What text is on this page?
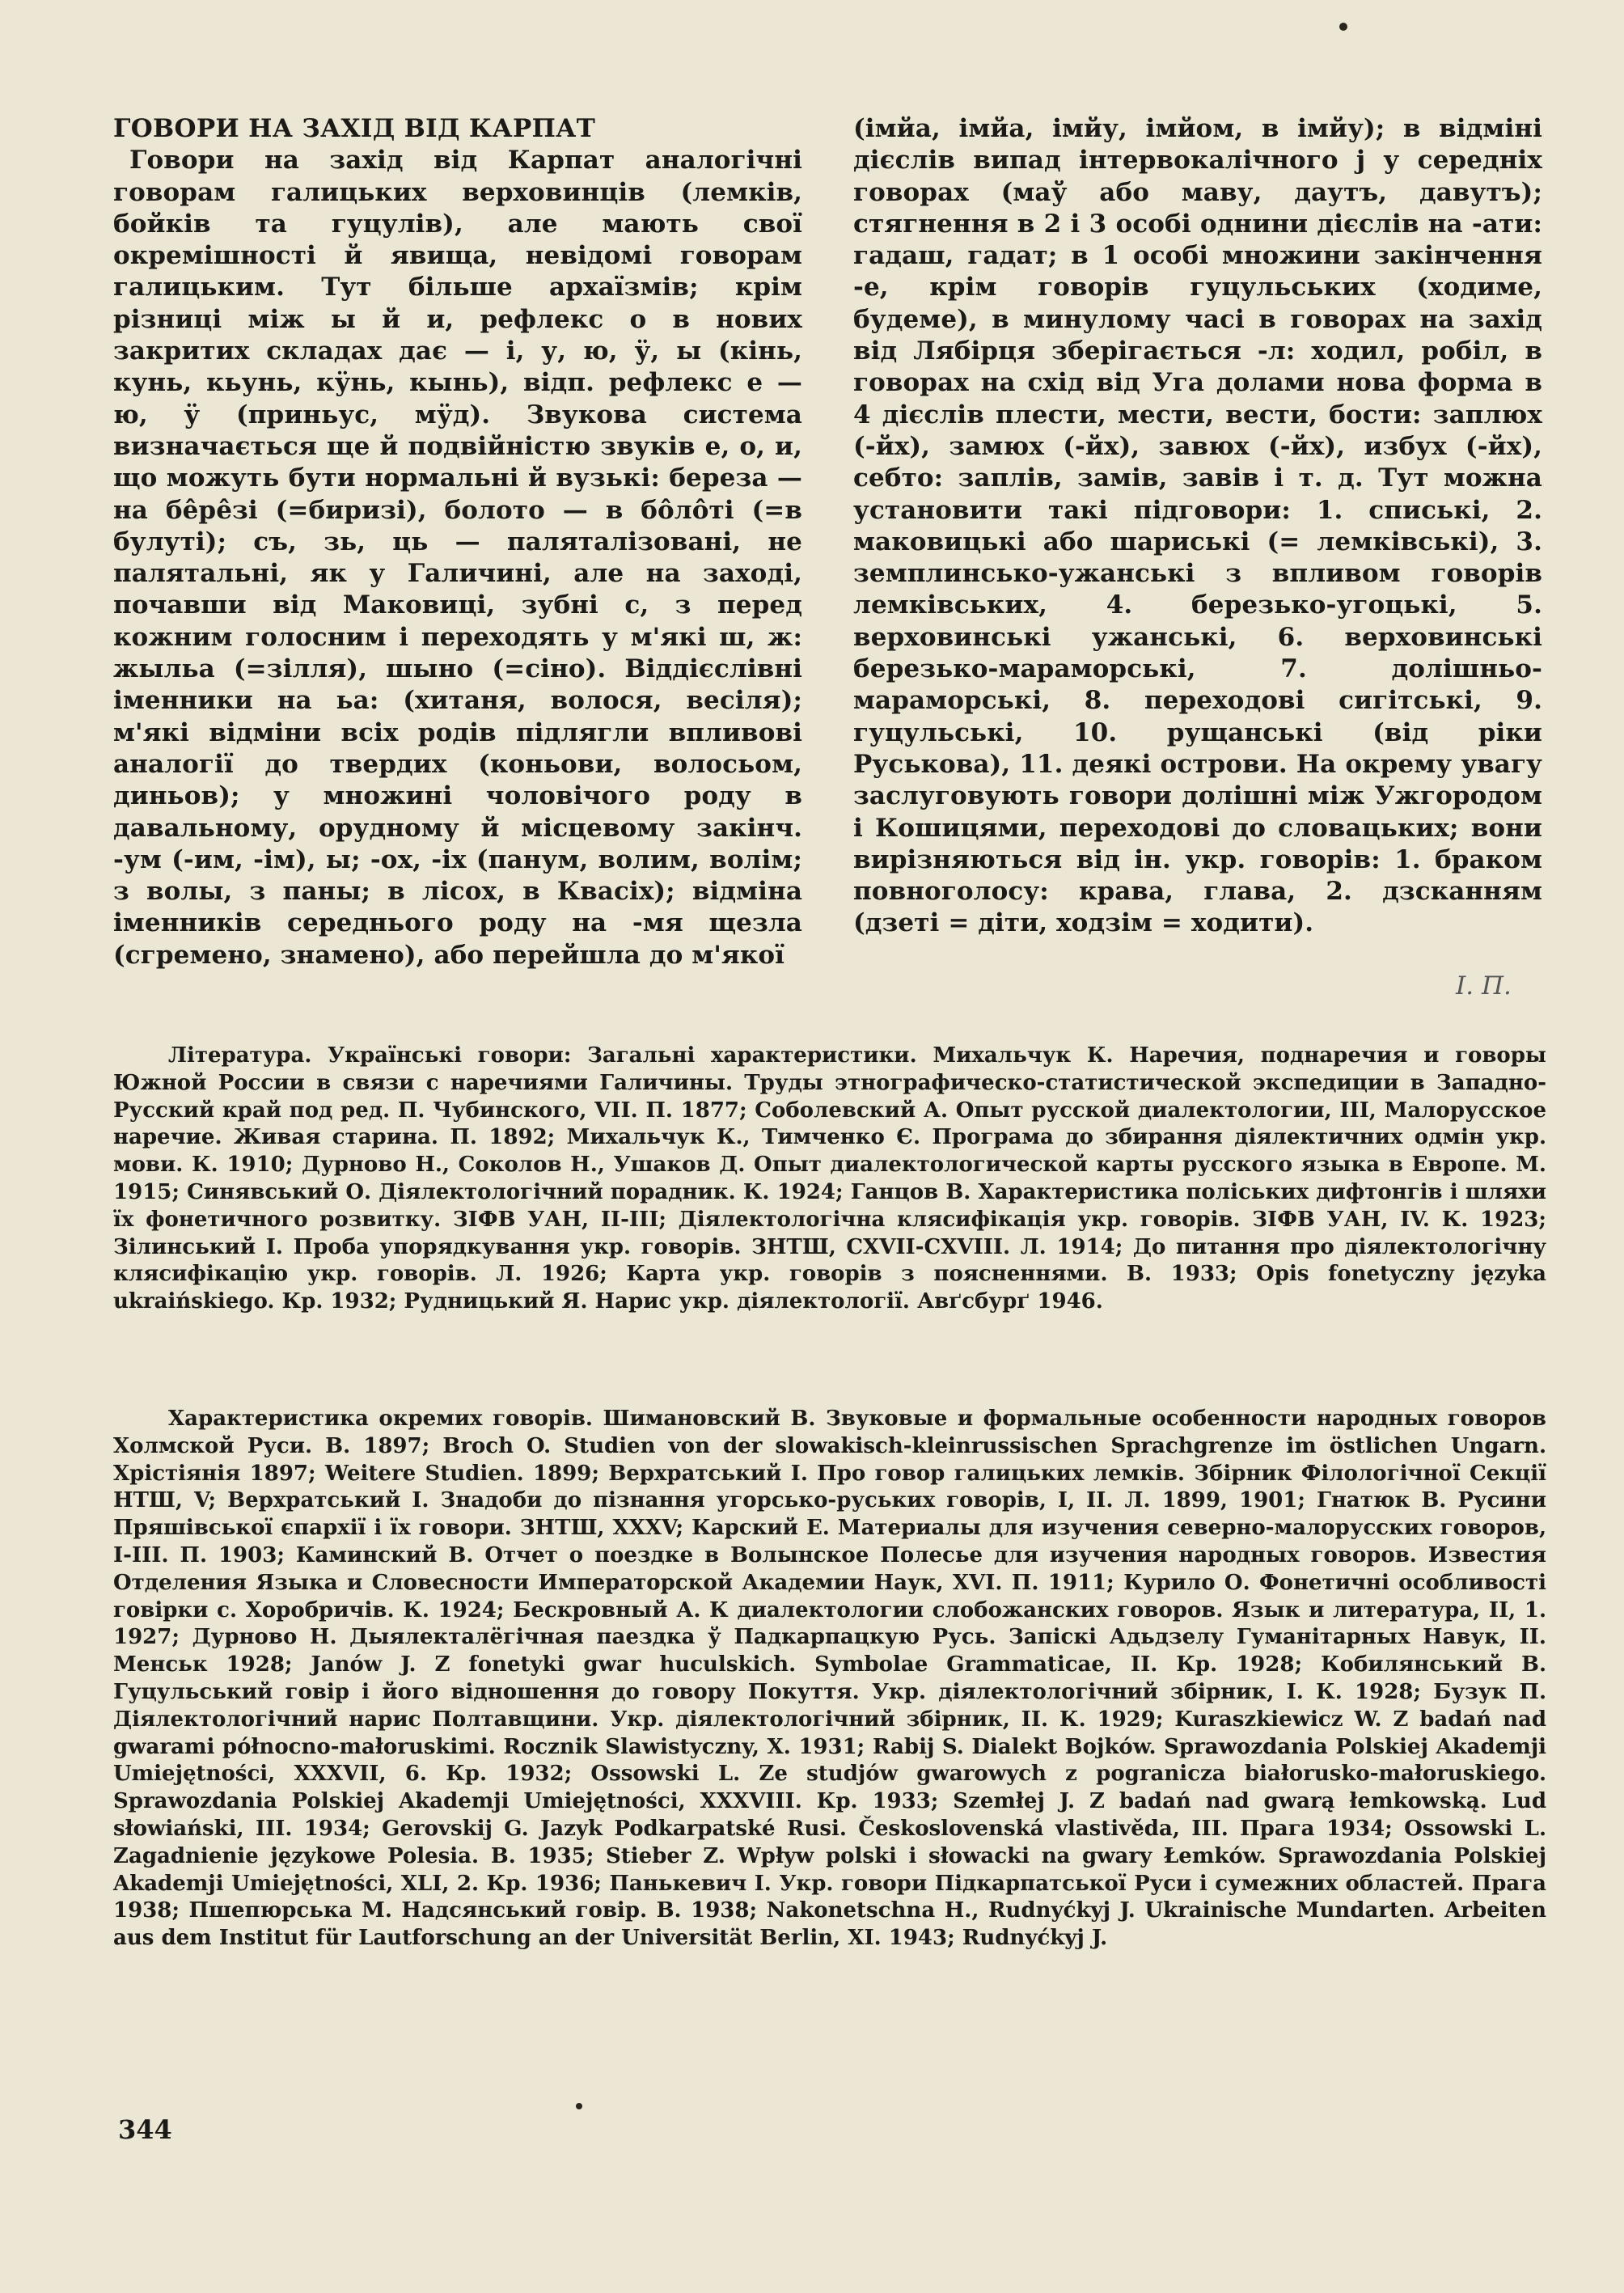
ГОВОРИ НА ЗАХІД ВІД КАРПАТ

Говори на захід від Карпат аналогічні говорам галицьких верховинців (лемків, бойків та гуцулів), але мають свої окремішності й явища, невідомі говорам галицьким. Тут більше архаїзмів; крім різниці між ы й и, рефлекс о в нових закритих складах дає — і, у, ю, ӱ, ы (кінь, кунь, кьунь, кӱнь, кынь), відп. рефлекс е — ю, ӱ (приньус, мӱд). Звукова система визначається ще й подвійністю звуків е, о, и, що можуть бути нормальні й вузькі: береза — на бе̂ре̂зі (=биризі), болото — в бо̂ло̂ті (=в булуті); съ, зь, ць — паляталізовані, не палятальні, як у Галичині, але на заході, почавши від Маковиці, зубні с, з перед кожним голосним і переходять у м'які ш, ж: жыльа (=зілля), шыно (=сіно). Віддієслівні іменники на ьа: (хитаня, волося, весіля); м'які відміни всіх родів підлягли впливові аналогії до твердих (коньови, волосьом, диньов); у множині чоловічого роду в давальному, орудному й місцевому закінч. -ум (-им, -ім), ы; -ох, -іх (панум, волим, волім; з волы, з паны; в лісох, в Квасіх); відміна іменників середнього роду на -мя щезла (сгремено, знамено), або перейшла до м'якої

(імйа, імйа, імйу, імйом, в імйу); в відміні дієслів випад інтервокалічного j у середніх говорах (маў або маву, даутъ, давутъ); стягнення в 2 і 3 особі однини дієслів на -ати: гадаш, гадат; в 1 особі множини закінчення -е, крім говорів гуцульських (ходиме, будеме), в минулому часі в говорах на захід від Лябірця зберігається -л: ходил, робіл, в говорах на схід від Уга долами нова форма в 4 дієслів плести, мести, вести, бости: заплюх (-йх), замюх (-йх), завюх (-йх), избух (-йх), себто: заплів, замів, завів і т. д. Тут можна установити такі підговори: 1. спиські, 2. маковицькі або шариські (= лемківські), 3. земплинсько-ужанські з впливом говорів лемківських, 4. березько-угоцькі, 5. верховинські ужанські, 6. верховинські березько-мараморські, 7. долішньо-мараморські, 8. переходові сигітські, 9. гуцульські, 10. рущанські (від ріки Руськова), 11. деякі острови. На окрему увагу заслуговують говори долішні між Ужгородом і Кошицями, переходові до словацьких; вони вирізняються від ін. укр. говорів: 1. браком повноголосу: крава, глава, 2. дзсканням (дзеті = діти, ходзім = ходити).

І. П.

Література. Українські говори: Загальні характеристики. Михальчук К. Наречия, поднаречия и говоры Южной России в связи с наречиями Галичины. Труды этнографическо-статистической экспедиции в Западно-Русский край под ред. П. Чубинского, VII. П. 1877; Соболевский А. Опыт русской диалектологии, III, Малорусское наречие. Живая старина. П. 1892; Михальчук К., Тимченко Є. Програма до збирання діялектичних одмін укр. мови. К. 1910; Дурново Н., Соколов Н., Ушаков Д. Опыт диалектологической карты русского языка в Европе. М. 1915; Синявський О. Діялектологічний порадник. К. 1924; Ганцов В. Характеристика поліських дифтонгів і шляхи їх фонетичного розвитку. ЗІФВ УАН, II-III; Діялектологічна клясифікація укр. говорів. ЗІФВ УАН, IV. К. 1923; Зілинський І. Проба упорядкування укр. говорів. ЗНТШ, CXVII-CXVIII. Л. 1914; До питання про діялектологічну клясифікацію укр. говорів. Л. 1926; Карта укр. говорів з поясненнями. В. 1933; Opis fonetyczny języka ukraińskiego. Кр. 1932; Рудницький Я. Нарис укр. діялектології. Авґсбурґ 1946.

Характеристика окремих говорів. Шимановский В. Звуковые и формальные особенности народных говоров Холмской Руси. В. 1897; Broch O. Studien von der slowakisch-kleinrussischen Sprachgrenze im östlichen Ungarn. Хрістіянія 1897; Weitere Studien. 1899; Верхратський І. Про говор галицьких лемків. Збірник Філологічної Секції НТШ, V; Верхратський І. Знадоби до пізнання угорсько-руських говорів, І, ІІ. Л. 1899, 1901; Гнатюк В. Русини Пряшівської єпархії і їх говори. ЗНТШ, XXXV; Карский Е. Материалы для изучения северно-малорусских говоров, I-III. П. 1903; Каминский В. Отчет о поездке в Волынское Полесье для изучения народных говоров. Известия Отделения Языка и Словесности Императорской Академии Наук, XVI. П. 1911; Курило О. Фонетичні особливості говірки с. Хоробричів. К. 1924; Бескровный А. К диалектологии слобожанских говоров. Язык и литература, II, 1. 1927; Дурново Н. Дыялекталёгічная паездка ў Падкарпацкую Русь. Запіскі Адьдзелу Гуманітарных Навук, II. Менськ 1928; Janów J. Z fonetyki gwar huculskich. Symbolae Grammaticae, II. Кр. 1928; Кобилянський В. Гуцульський говір і його відношення до говору Покуття. Укр. діялектологічний збірник, І. К. 1928; Бузук П. Діялектологічний нарис Полтавщини. Укр. діялектологічний збірник, II. К. 1929; Kuraszkiewicz W. Z badań nad gwarami północno-małoruskimi. Rocznik Slawistyczny, X. 1931; Rabij S. Dialekt Bojków. Sprawozdania Polskiej Akademji Umiejętności, XXXVII, 6. Кр. 1932; Ossowski L. Ze studjów gwarowych z pogranicza białorusko-małoruskiego. Sprawozdania Polskiej Akademji Umiejętności, XXXVIII. Кр. 1933; Szemłej J. Z badań nad gwarą łemkowską. Lud słowiański, III. 1934; Gerovskij G. Jazyk Podkarpatské Rusi. Československá vlastivěda, III. Прага 1934; Ossowski L. Zagadnienie językowe Polesia. В. 1935; Stieber Z. Wpływ polski i słowacki na gwary Łemków. Sprawozdania Polskiej Akademji Umiejętności, XLI, 2. Кр. 1936; Панькевич І. Укр. говори Підкарпатської Руси і сумежних областей. Прага 1938; Пшепюрська М. Надсянський говір. В. 1938; Nakonetschna H., Rudnyćkyj J. Ukrainische Mundarten. Arbeiten aus dem Institut für Lautforschung an der Universität Berlin, XI. 1943; Rudnyćkyj J.

344
